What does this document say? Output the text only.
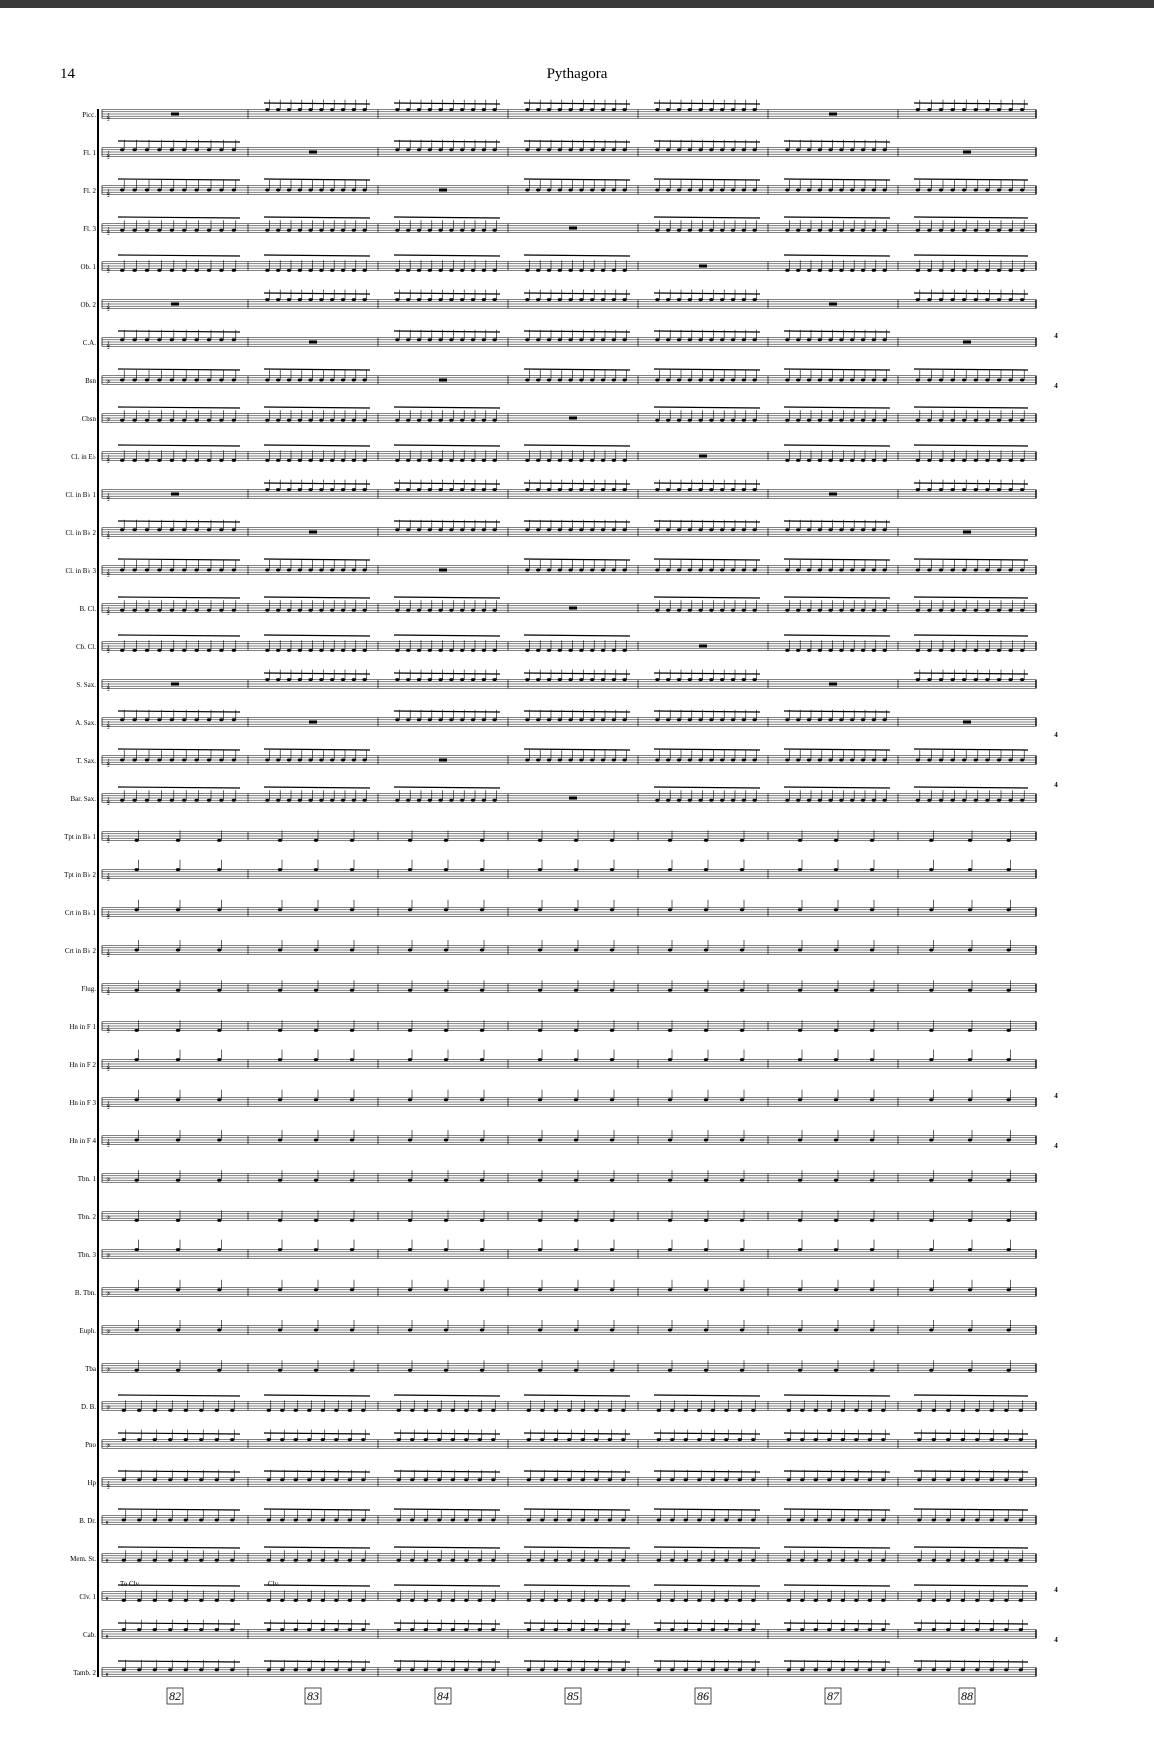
14	Pythagora
Picc. 𝄞
Fl. 1 𝄞
Fl. 2 𝄞
Fl. 3 𝄞
Ob. 1 𝄞
Ob. 2 𝄞
C.A. 𝄞
Bsn 𝄢
Cbsn 𝄢
Cl. in E♭ 𝄞
Cl. in B♭ 1 𝄞
Cl. in B♭ 2 𝄞
Cl. in B♭ 3 𝄞
B. Cl. 𝄞
Cb. Cl. 𝄞
S. Sax. 𝄞
A. Sax. 𝄞
T. Sax. 𝄞
Bar. Sax. 𝄞
Tpt in B♭ 1 𝄞
Tpt in B♭ 2 𝄞
Crt in B♭ 1 𝄞
Crt in B♭ 2 𝄞
Flug. 𝄞
Hn in F 1 𝄞
Hn in F 2 𝄞
Hn in F 3 𝄞
Hn in F 4 𝄞
Tbn. 1 𝄢
Tbn. 2 𝄢
Tbn. 3 𝄢
B. Tbn. 𝄢
Euph. 𝄢
Tba 𝄢
D. B. 𝄢
Pno 𝄢
Hp 𝄞
B. Dr. 𝄥
Mem. St. 𝄥
Clv. 1 𝄥
Cab. 𝄥
Tamb. 2 𝄥
4
4
4
4
4
4
4
4
To Clv.	Clv.
82	83	84	85	86	87	88
